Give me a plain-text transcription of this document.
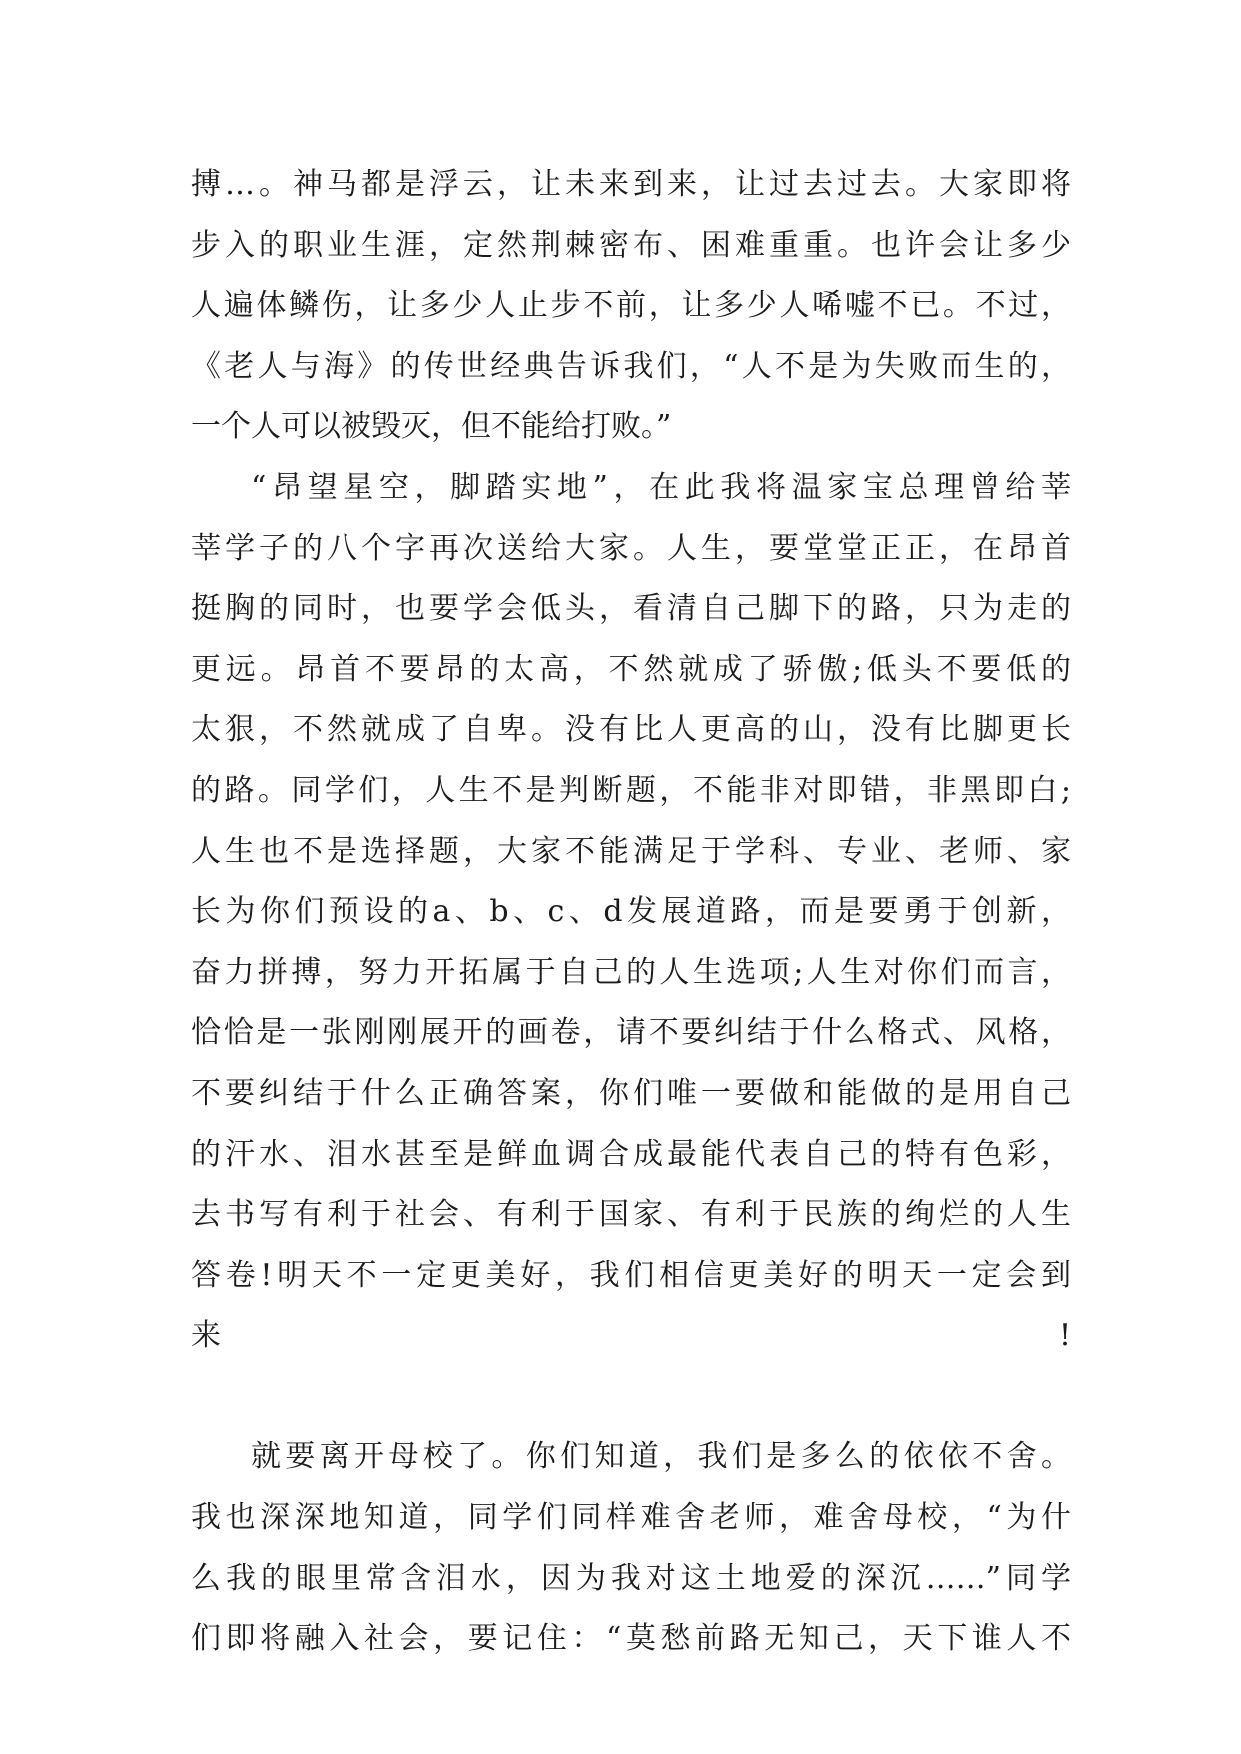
搏…。神马都是浮云，让未来到来，让过去过去。大家即将
步入的职业生涯，定然荆棘密布、困难重重。也许会让多少
人遍体鳞伤，让多少人止步不前，让多少人唏嘘不已。不过，
《老人与海》的传世经典告诉我们，“人不是为失败而生的，
一个人可以被毁灭，但不能给打败。”
“昂望星空，脚踏实地”，在此我将温家宝总理曾给莘
莘学子的八个字再次送给大家。人生，要堂堂正正，在昂首
挺胸的同时，也要学会低头，看清自己脚下的路，只为走的
更远。昂首不要昂的太高，不然就成了骄傲;低头不要低的
太狠，不然就成了自卑。没有比人更高的山，没有比脚更长
的路。同学们，人生不是判断题，不能非对即错，非黑即白;
人生也不是选择题，大家不能满足于学科、专业、老师、家
长为你们预设的a、b、c、d发展道路，而是要勇于创新，
奋力拼搏，努力开拓属于自己的人生选项;人生对你们而言，
恰恰是一张刚刚展开的画卷，请不要纠结于什么格式、风格，
不要纠结于什么正确答案，你们唯一要做和能做的是用自己
的汗水、泪水甚至是鲜血调合成最能代表自己的特有色彩，
去书写有利于社会、有利于国家、有利于民族的绚烂的人生
答卷!明天不一定更美好，我们相信更美好的明天一定会到
来!
就要离开母校了。你们知道，我们是多么的依依不舍。
我也深深地知道，同学们同样难舍老师，难舍母校，“为什
么我的眼里常含泪水，因为我对这土地爱的深沉……”同学
们即将融入社会，要记住：“莫愁前路无知己，天下谁人不
